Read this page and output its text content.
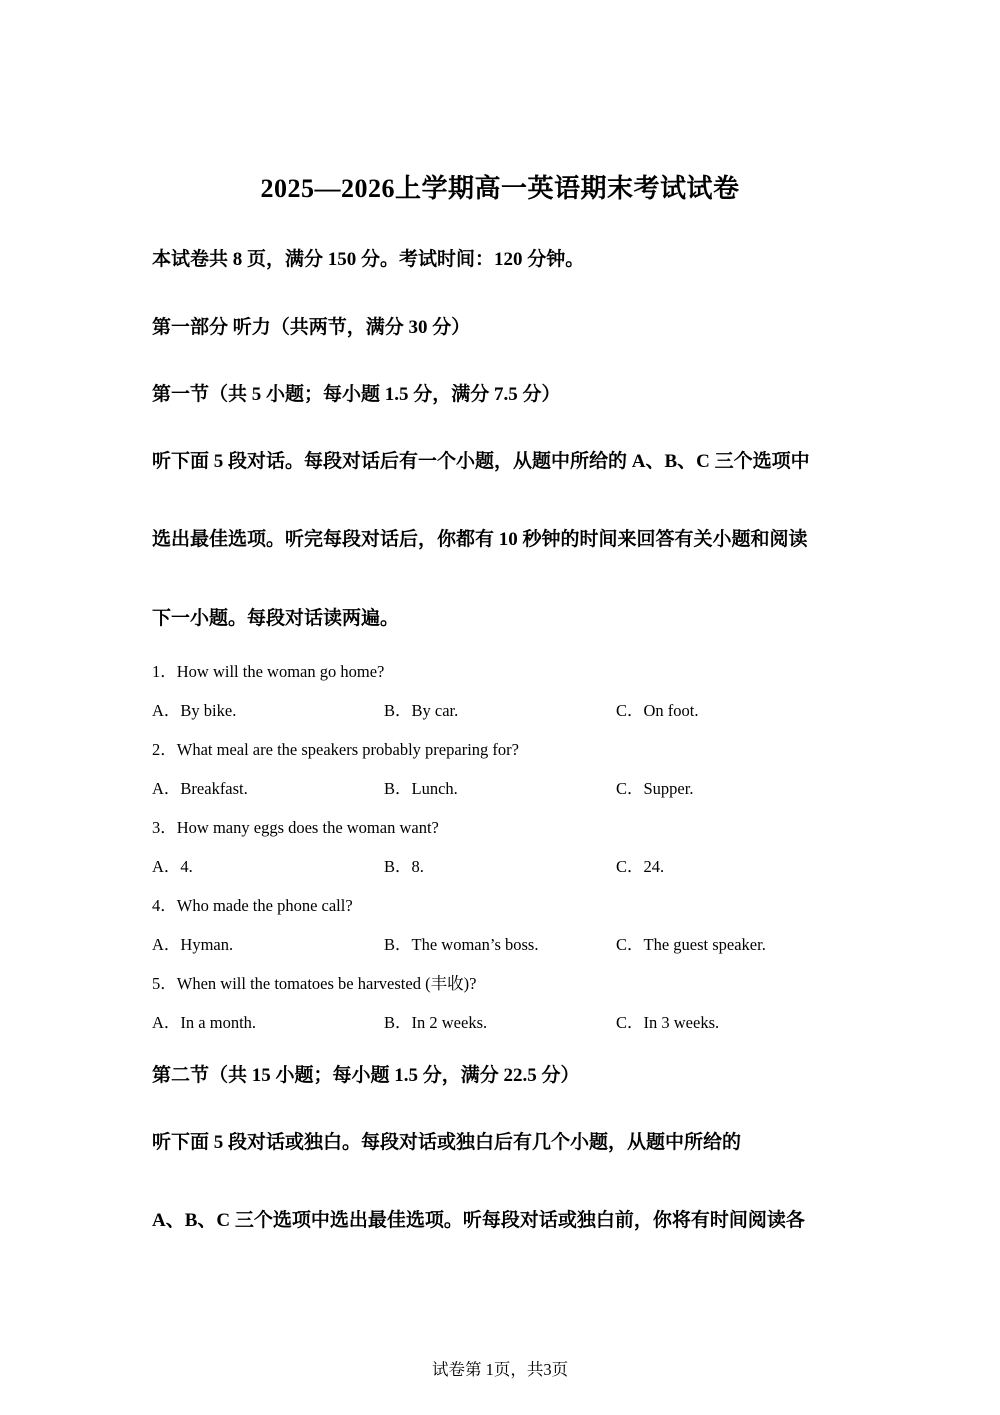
2025—2026上学期高一英语期末考试试卷
本试卷共 8 页，满分 150 分。考试时间：120 分钟。
第一部分 听力（共两节，满分 30 分）
第一节（共 5 小题；每小题 1.5 分，满分 7.5 分）
听下面 5 段对话。每段对话后有一个小题，从题中所给的 A、B、C 三个选项中
选出最佳选项。听完每段对话后，你都有 10 秒钟的时间来回答有关小题和阅读
下一小题。每段对话读两遍。
1．How will the woman go home?
A．By bike.	B．By car.	C．On foot.
2．What meal are the speakers probably preparing for?
A．Breakfast.	B．Lunch.	C．Supper.
3．How many eggs does the woman want?
A．4.	B．8.	C．24.
4．Who made the phone call?
A．Hyman.	B．The woman’s boss.	C．The guest speaker.
5．When will the tomatoes be harvested (丰收)?
A．In a month.	B．In 2 weeks.	C．In 3 weeks.
第二节（共 15 小题；每小题 1.5 分，满分 22.5 分）
听下面 5 段对话或独白。每段对话或独白后有几个小题，从题中所给的
A、B、C 三个选项中选出最佳选项。听每段对话或独白前，你将有时间阅读各
试卷第 1页，共3页
